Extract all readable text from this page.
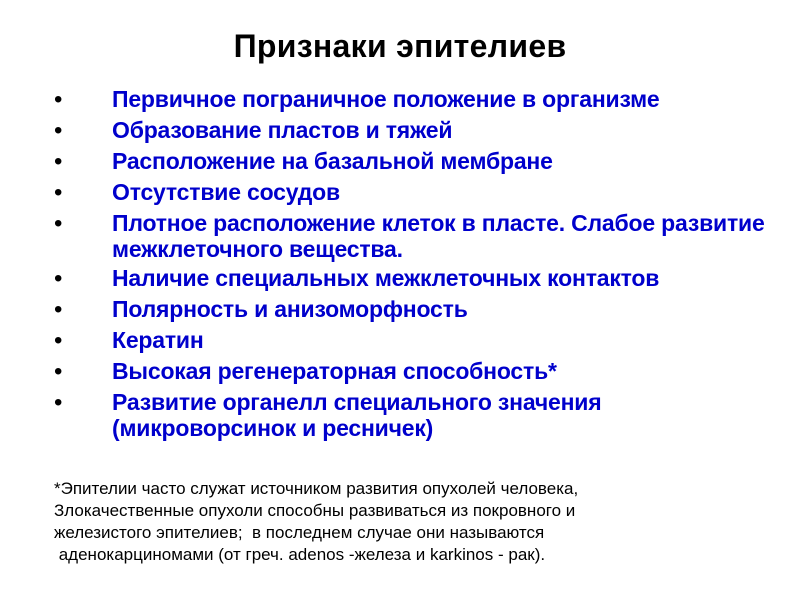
Признаки эпителиев
•	Первичное пограничное положение в организме
•	Образование пластов и тяжей
•	Расположение на базальной мембране
•	Отсутствие сосудов
•	Плотное расположение клеток в пласте. Слабое развитие межклеточного вещества.
•	Наличие специальных межклеточных контактов
•	Полярность и анизоморфность
•	Кератин
•	Высокая регенераторная способность*
•	Развитие органелл специального значения (микроворсинок и ресничек)

*Эпителии часто служат источником развития опухолей человека,
Злокачественные опухоли способны развиваться из покровного и
железистого эпителиев;  в последнем случае они называются
аденокарциномами (от греч. adenos -железа и karkinos - рак).
